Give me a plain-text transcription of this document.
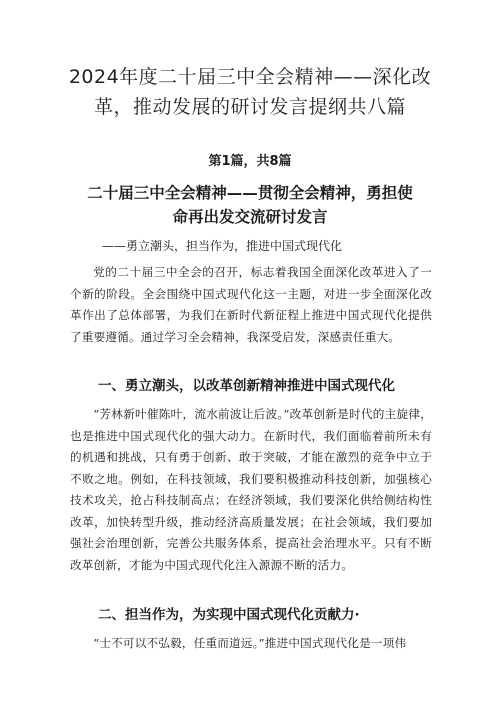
2024年度二十届三中全会精神——深化改革，推动发展的研讨发言提纲共八篇
第1篇，共8篇
二十届三中全会精神——贯彻全会精神，勇担使命再出发交流研讨发言
——勇立潮头，担当作为，推进中国式现代化
党的二十届三中全会的召开，标志着我国全面深化改革进入了一个新的阶段。全会围绕中国式现代化这一主题，对进一步全面深化改革作出了总体部署，为我们在新时代新征程上推进中国式现代化提供了重要遵循。通过学习全会精神，我深受启发，深感责任重大。
一、勇立潮头，以改革创新精神推进中国式现代化
“芳林新叶催陈叶，流水前波让后波。”改革创新是时代的主旋律，也是推进中国式现代化的强大动力。在新时代，我们面临着前所未有的机遇和挑战，只有勇于创新、敢于突破，才能在激烈的竞争中立于不败之地。例如，在科技领域，我们要积极推动科技创新，加强核心技术攻关，抢占科技制高点；在经济领域，我们要深化供给侧结构性改革，加快转型升级，推动经济高质量发展；在社会领域，我们要加强社会治理创新，完善公共服务体系，提高社会治理水平。只有不断改革创新，才能为中国式现代化注入源源不断的活力。
二、担当作为，为实现中国式现代化贡献力·
“士不可以不弘毅，任重而道远。”推进中国式现代化是一项伟
